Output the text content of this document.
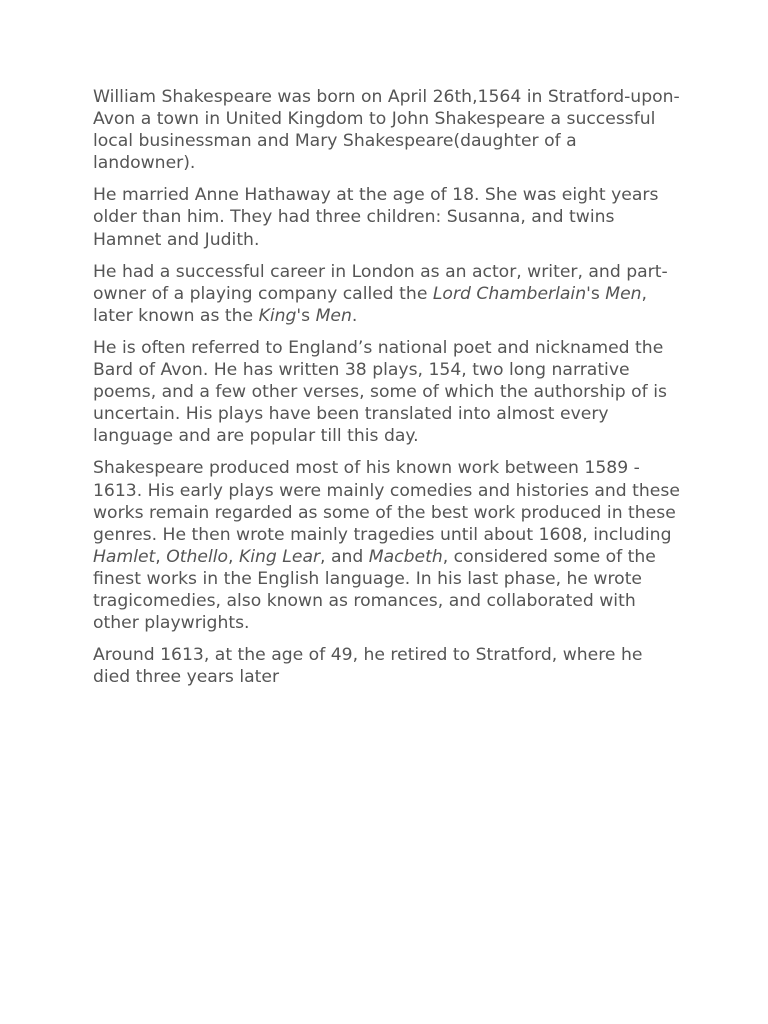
William Shakespeare was born on April 26th,1564 in Stratford-upon-Avon a town in United Kingdom to John Shakespeare a successful local businessman and Mary Shakespeare(daughter of a landowner).

He married Anne Hathaway at the age of 18. She was eight years older than him. They had three children: Susanna, and twins Hamnet and Judith.

He had a successful career in London as an actor, writer, and part-owner of a playing company called the Lord Chamberlain's Men, later known as the King's Men.

He is often referred to England’s national poet and nicknamed the Bard of Avon. He has written 38 plays, 154, two long narrative poems, and a few other verses, some of which the authorship of is uncertain. His plays have been translated into almost every language and are popular till this day.

Shakespeare produced most of his known work between 1589 - 1613. His early plays were mainly comedies and histories and these works remain regarded as some of the best work produced in these genres. He then wrote mainly tragedies until about 1608, including Hamlet, Othello, King Lear, and Macbeth, considered some of the finest works in the English language. In his last phase, he wrote tragicomedies, also known as romances, and collaborated with other playwrights.

Around 1613, at the age of 49, he retired to Stratford, where he died three years later
